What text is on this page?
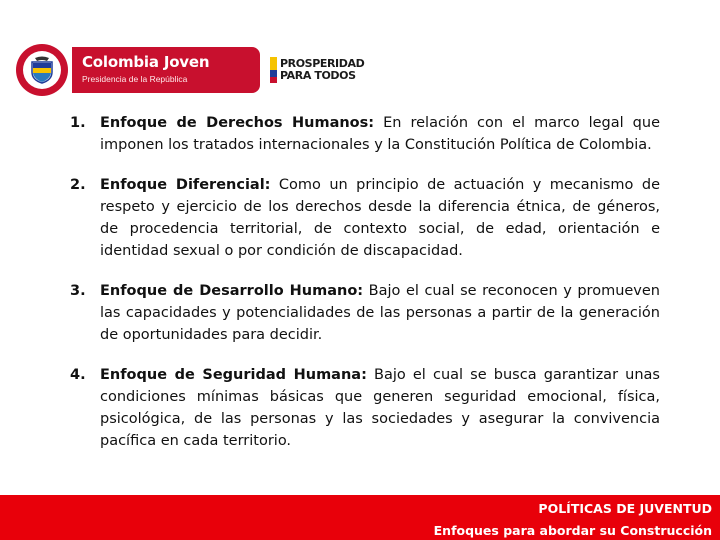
Colombia Joven
Presidencia de la República
PROSPERIDAD
PARA TODOS
1. Enfoque de Derechos Humanos: En relación con el marco legal que imponen los tratados internacionales y la Constitución Política de Colombia.
2. Enfoque Diferencial: Como un principio de actuación y mecanismo de respeto y ejercicio de los derechos desde la diferencia étnica, de géneros, de procedencia territorial, de contexto social, de edad, orientación e identidad sexual o por condición de discapacidad.
3. Enfoque de Desarrollo Humano: Bajo el cual se reconocen y promueven las capacidades y potencialidades de las personas a partir de la generación de oportunidades para decidir.
4. Enfoque de Seguridad Humana: Bajo el cual se busca garantizar unas condiciones mínimas básicas que generen seguridad emocional, física, psicológica, de las personas y las sociedades y asegurar la convivencia pacífica en cada territorio.
POLÍTICAS DE JUVENTUD
Enfoques para abordar su Construcción
